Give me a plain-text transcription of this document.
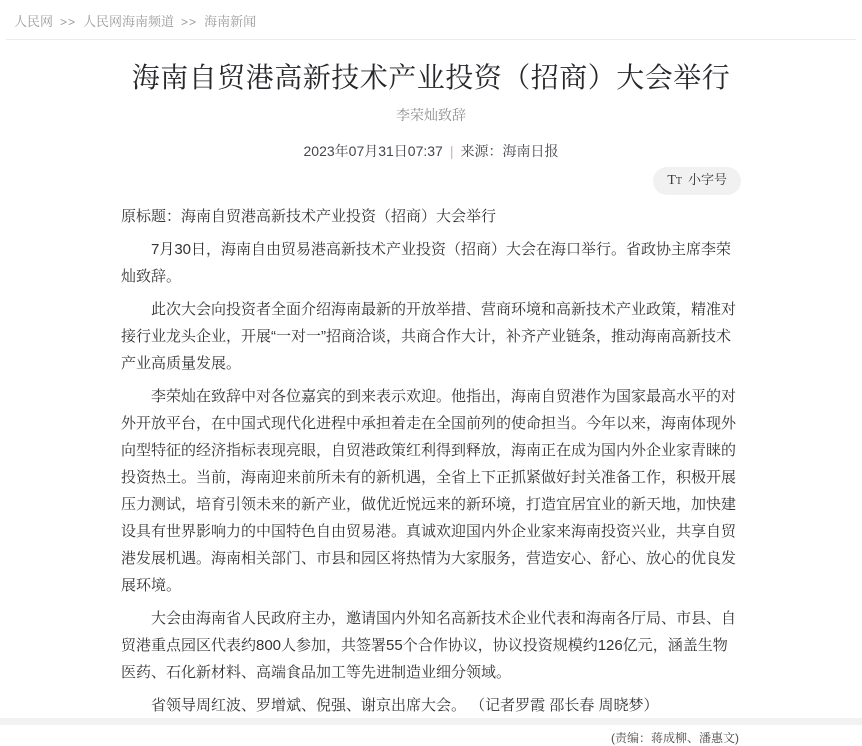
人民网 >> 人民网海南频道 >> 海南新闻
海南自贸港高新技术产业投资（招商）大会举行
李荣灿致辞
2023年07月31日07:37 | 来源：海南日报
TT 小字号
原标题：海南自贸港高新技术产业投资（招商）大会举行

7月30日，海南自由贸易港高新技术产业投资（招商）大会在海口举行。省政协主席李荣灿致辞。

此次大会向投资者全面介绍海南最新的开放举措、营商环境和高新技术产业政策，精准对接行业龙头企业，开展“一对一”招商洽谈，共商合作大计，补齐产业链条，推动海南高新技术产业高质量发展。

李荣灿在致辞中对各位嘉宾的到来表示欢迎。他指出，海南自贸港作为国家最高水平的对外开放平台，在中国式现代化进程中承担着走在全国前列的使命担当。今年以来，海南体现外向型特征的经济指标表现亮眼，自贸港政策红利得到释放，海南正在成为国内外企业家青睐的投资热土。当前，海南迎来前所未有的新机遇，全省上下正抓紧做好封关准备工作，积极开展压力测试，培育引领未来的新产业，做优近悦远来的新环境，打造宜居宜业的新天地，加快建设具有世界影响力的中国特色自由贸易港。真诚欢迎国内外企业家来海南投资兴业，共享自贸港发展机遇。海南相关部门、市县和园区将热情为大家服务，营造安心、舒心、放心的优良发展环境。

大会由海南省人民政府主办，邀请国内外知名高新技术企业代表和海南各厅局、市县、自贸港重点园区代表约800人参加，共签署55个合作协议，协议投资规模约126亿元，涵盖生物医药、石化新材料、高端食品加工等先进制造业细分领域。

省领导周红波、罗增斌、倪强、谢京出席大会。 （记者罗霞 邵长春 周晓梦）

(责编：蒋成柳、潘惠文)
